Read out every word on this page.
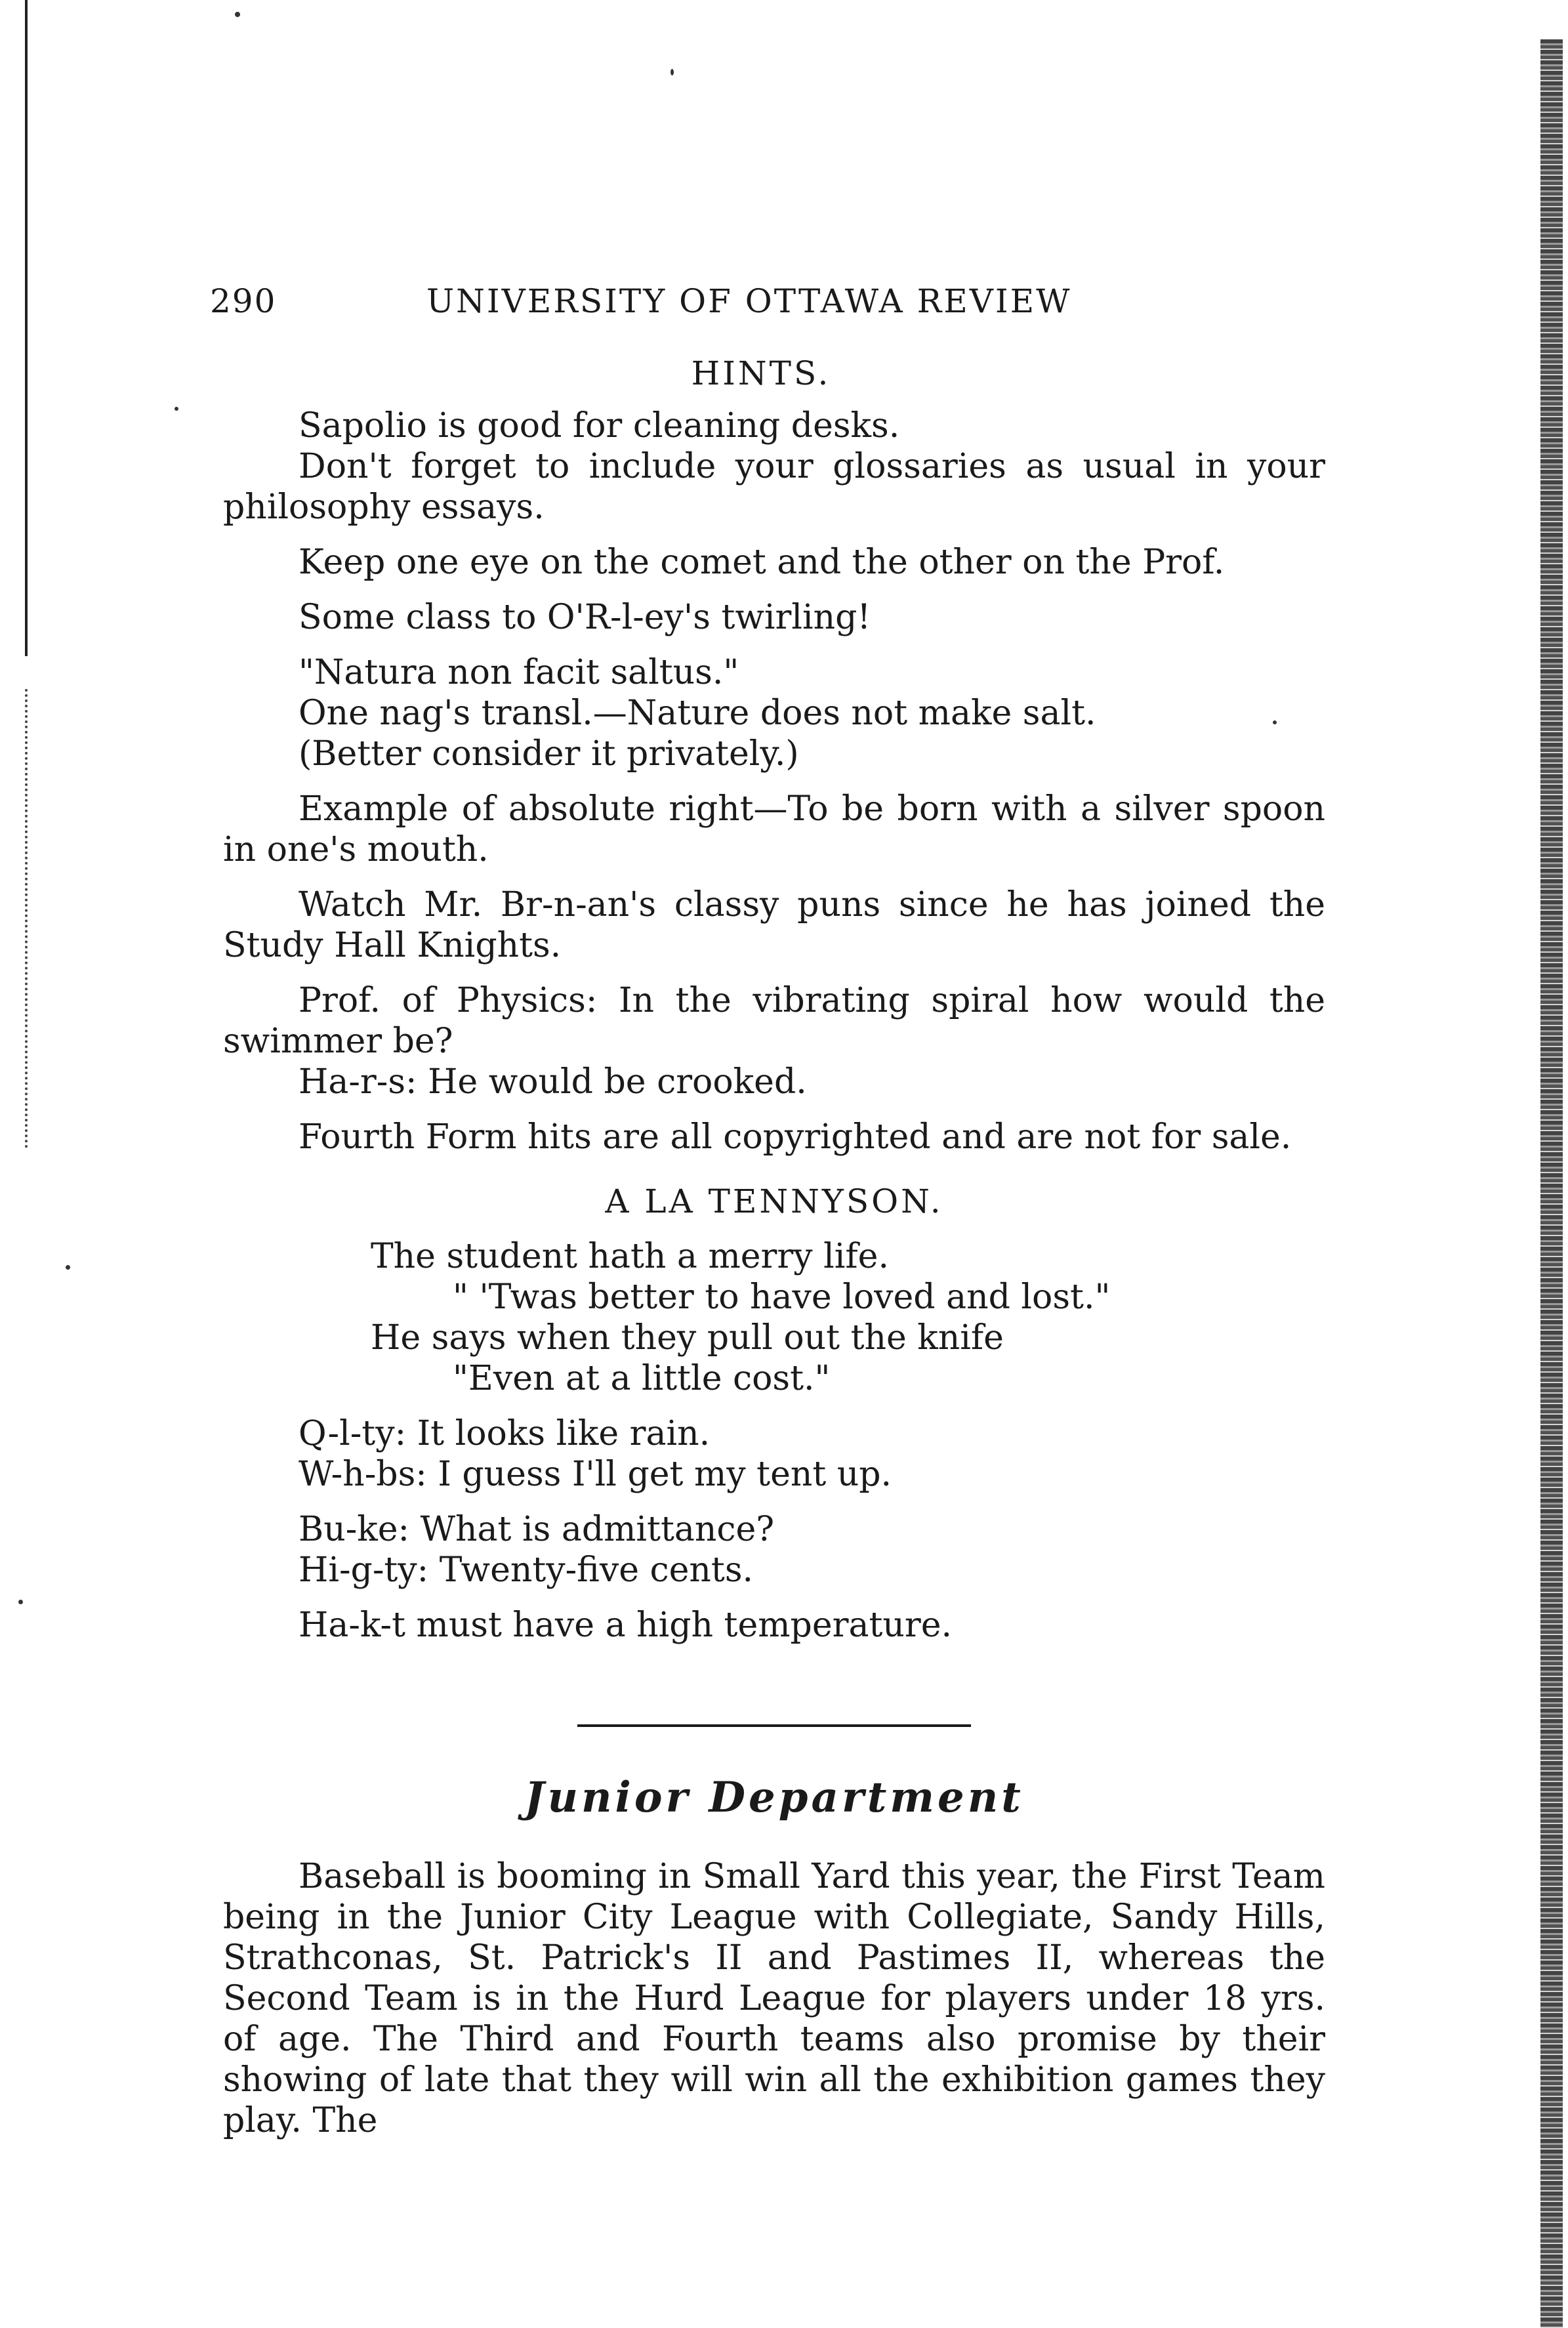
290	UNIVERSITY OF OTTAWA REVIEW
HINTS.

Sapolio is good for cleaning desks.

Don't forget to include your glossaries as usual in your philosophy essays.

Keep one eye on the comet and the other on the Prof.

Some class to O'R-l-ey's twirling!

"Natura non facit saltus."

One nag's transl.—Nature does not make salt.

(Better consider it privately.)

Example of absolute right—To be born with a silver spoon in one's mouth.

Watch Mr. Br-n-an's classy puns since he has joined the Study Hall Knights.

Prof. of Physics: In the vibrating spiral how would the swimmer be?

Ha-r-s: He would be crooked.

Fourth Form hits are all copyrighted and are not for sale.

A LA TENNYSON.
The student hath a merry life.
" 'Twas better to have loved and lost."
He says when they pull out the knife
"Even at a little cost."

Q-l-ty: It looks like rain.

W-h-bs: I guess I'll get my tent up.

Bu-ke: What is admittance?

Hi-g-ty: Twenty-five cents.

Ha-k-t must have a high temperature.

Junior Department

Baseball is booming in Small Yard this year, the First Team being in the Junior City League with Collegiate, Sandy Hills, Strathconas, St. Patrick's II and Pastimes II, whereas the Second Team is in the Hurd League for players under 18 yrs. of age. The Third and Fourth teams also promise by their showing of late that they will win all the exhibition games they play. The
